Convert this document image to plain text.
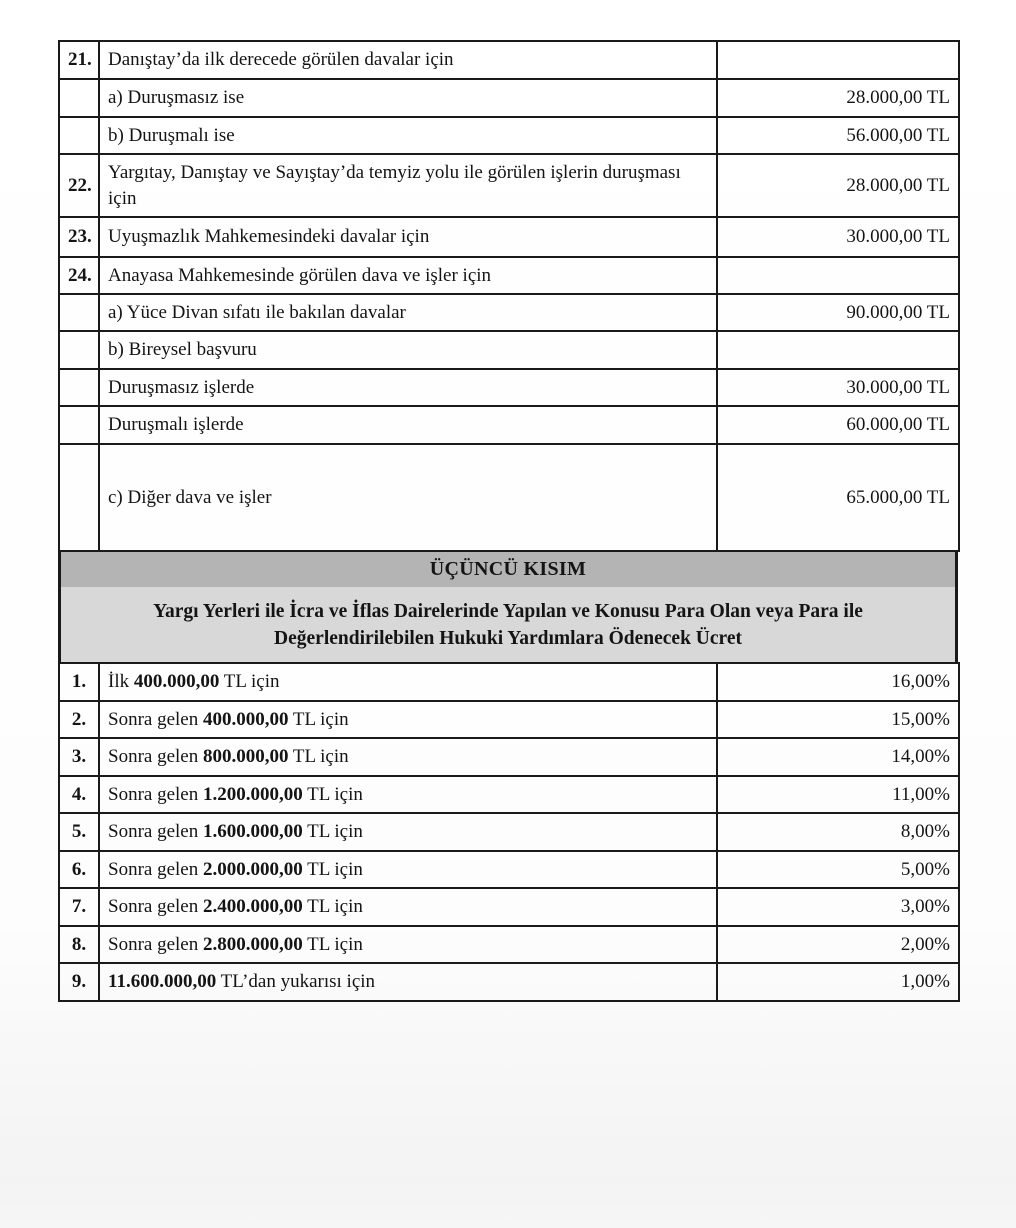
21.	Danıştay’da ilk derecede görülen davalar için	
	a) Duruşmasız ise	28.000,00 TL
	b) Duruşmalı ise	56.000,00 TL
22.	Yargıtay, Danıştay ve Sayıştay’da temyiz yolu ile görülen işlerin duruşması için	28.000,00 TL
23.	Uyuşmazlık Mahkemesindeki davalar için	30.000,00 TL
24.	Anayasa Mahkemesinde görülen dava ve işler için	
	a) Yüce Divan sıfatı ile bakılan davalar	90.000,00 TL
	b) Bireysel başvuru	
	Duruşmasız işlerde	30.000,00 TL
	Duruşmalı işlerde	60.000,00 TL
	c) Diğer dava ve işler	65.000,00 TL
ÜÇÜNCÜ KISIM
Yargı Yerleri ile İcra ve İflas Dairelerinde Yapılan ve Konusu Para Olan veya Para ile Değerlendirilebilen Hukuki Yardımlara Ödenecek Ücret
1.	İlk 400.000,00 TL için	16,00%
2.	Sonra gelen 400.000,00 TL için	15,00%
3.	Sonra gelen 800.000,00 TL için	14,00%
4.	Sonra gelen 1.200.000,00 TL için	11,00%
5.	Sonra gelen 1.600.000,00 TL için	8,00%
6.	Sonra gelen 2.000.000,00 TL için	5,00%
7.	Sonra gelen 2.400.000,00 TL için	3,00%
8.	Sonra gelen 2.800.000,00 TL için	2,00%
9.	11.600.000,00 TL’dan yukarısı için	1,00%
